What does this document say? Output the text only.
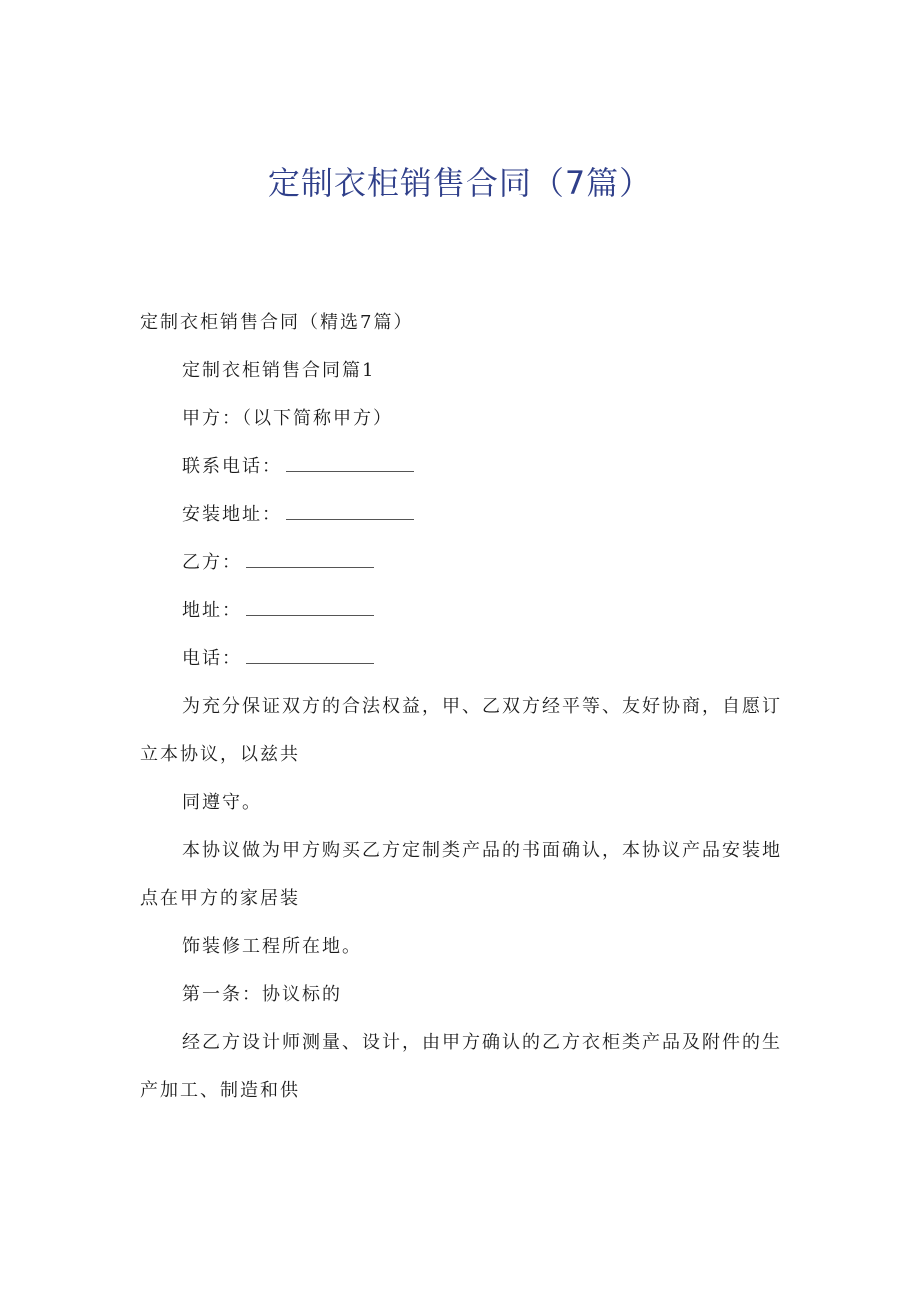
定制衣柜销售合同（7篇）
定制衣柜销售合同（精选7篇）
定制衣柜销售合同篇1
甲方：（以下简称甲方）
联系电话：
安装地址：
乙方：
地址：
电话：
为充分保证双方的合法权益，甲、乙双方经平等、友好协商，自愿订
立本协议，以兹共
同遵守。
本协议做为甲方购买乙方定制类产品的书面确认，本协议产品安装地
点在甲方的家居装
饰装修工程所在地。
第一条：协议标的
经乙方设计师测量、设计，由甲方确认的乙方衣柜类产品及附件的生
产加工、制造和供
